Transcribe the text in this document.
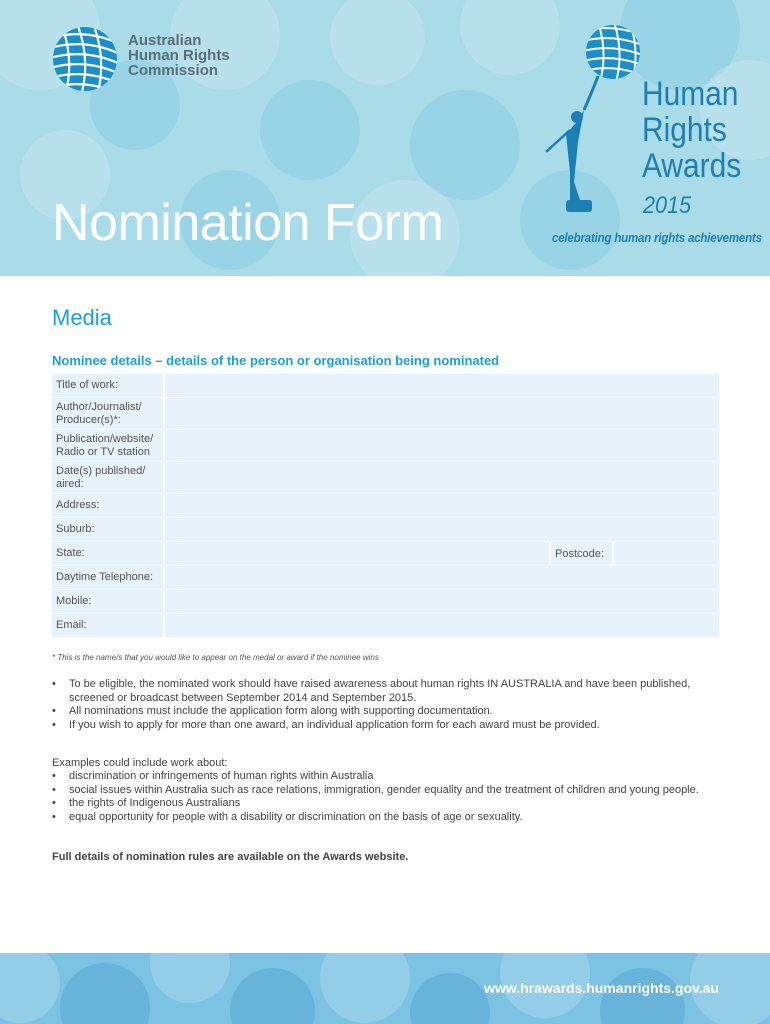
Australian
Human Rights
Commission
Nomination Form
Human
Rights
Awards
2015
celebrating human rights achievements
Media
Nominee details – details of the person or organisation being nominated
Title of work:			
Author/Journalist/
Producer(s)*:			
Publication/website/
Radio or TV station			
Date(s) published/
aired:			
Address:			
Suburb:			
State:		Postcode:	
Daytime Telephone:			
Mobile:			
Email:			
* This is the name/s that you would like to appear on the medal or award if the nominee wins
• To be eligible, the nominated work should have raised awareness about human rights IN AUSTRALIA and have been published, screened or broadcast between September 2014 and September 2015.
• All nominations must include the application form along with supporting documentation.
• If you wish to apply for more than one award, an individual application form for each award must be provided.
Examples could include work about:
• discrimination or infringements of human rights within Australia
• social issues within Australia such as race relations, immigration, gender equality and the treatment of children and young people.
• the rights of Indigenous Australians
• equal opportunity for people with a disability or discrimination on the basis of age or sexuality.
Full details of nomination rules are available on the Awards website.
www.hrawards.humanrights.gov.au
